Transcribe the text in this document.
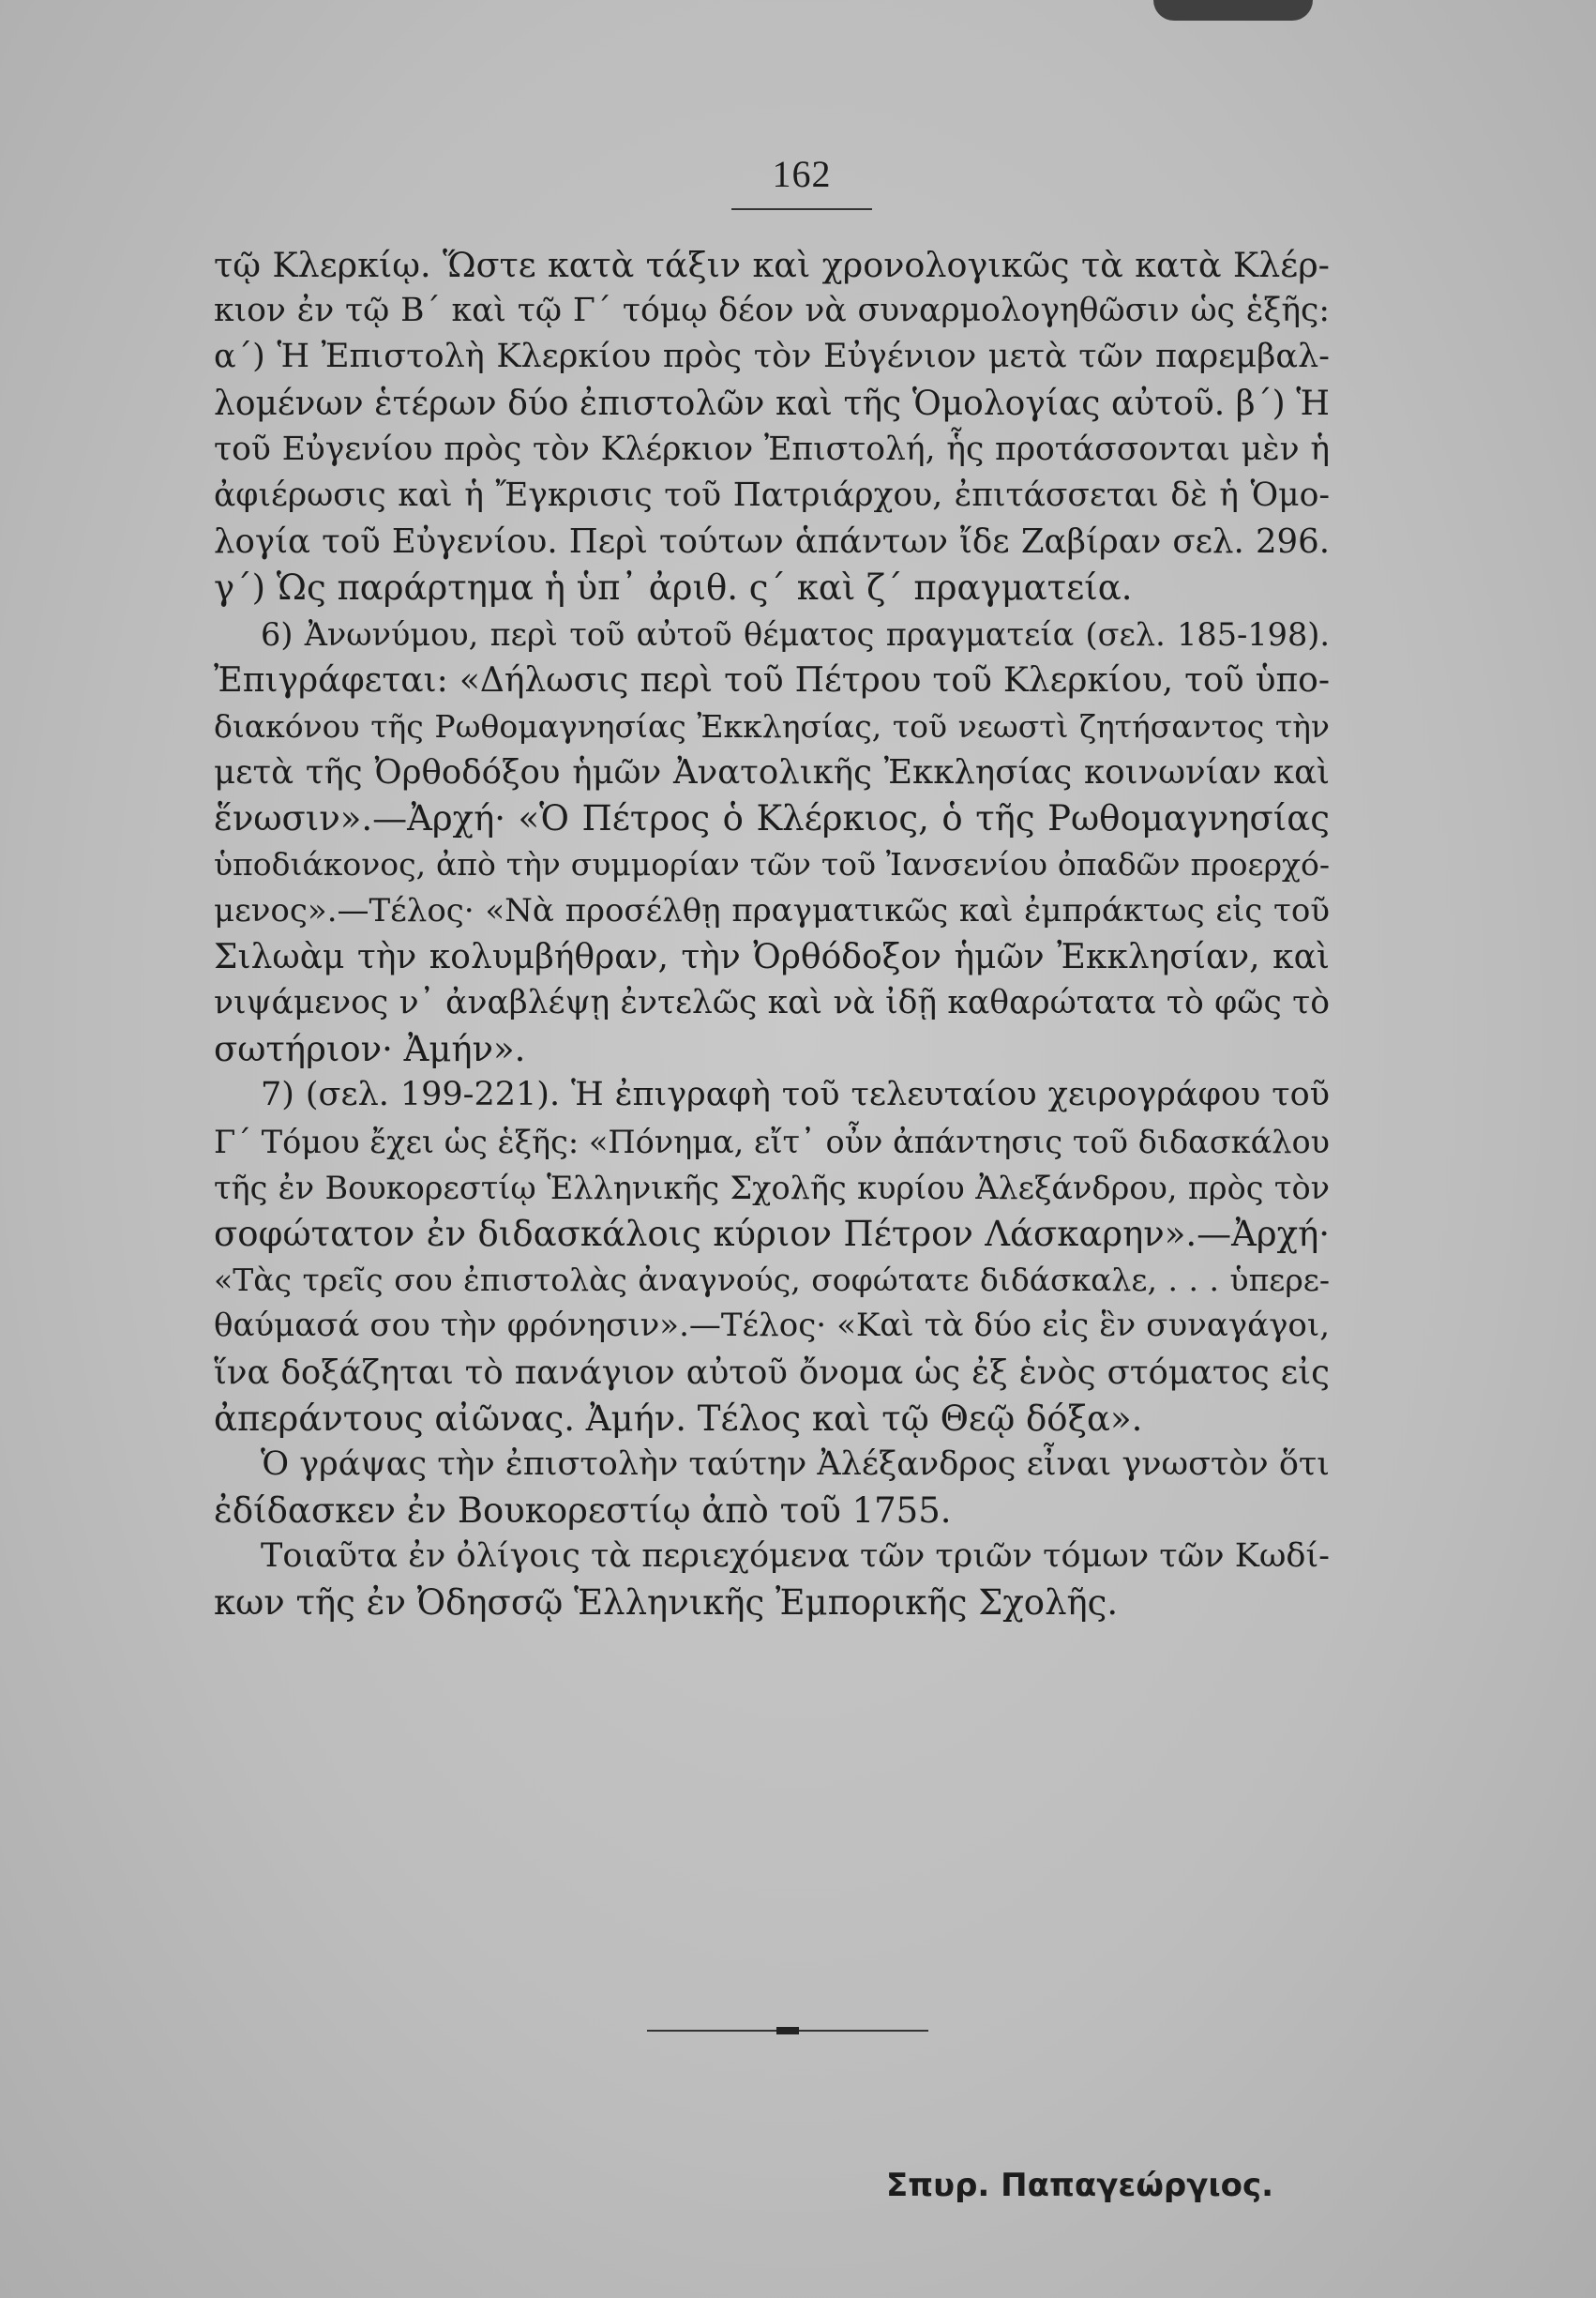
162
τῷ Κλερκίῳ. Ὥστε κατὰ τάξιν καὶ χρονολογικῶς τὰ κατὰ Κλέρ-
κιον ἐν τῷ Β΄ καὶ τῷ Γ΄ τόμῳ δέον νὰ συναρμολογηθῶσιν ὡς ἑξῆς:
α΄) Ἡ Ἐπιστολὴ Κλερκίου πρὸς τὸν Εὐγένιον μετὰ τῶν παρεμβαλ-
λομένων ἑτέρων δύο ἐπιστολῶν καὶ τῆς Ὁμολογίας αὐτοῦ. β΄) Ἡ
τοῦ Εὐγενίου πρὸς τὸν Κλέρκιον Ἐπιστολή, ἧς προτάσσονται μὲν ἡ
ἀφιέρωσις καὶ ἡ Ἔγκρισις τοῦ Πατριάρχου, ἐπιτάσσεται δὲ ἡ Ὁμο-
λογία τοῦ Εὐγενίου. Περὶ τούτων ἁπάντων ἴδε Ζαβίραν σελ. 296.
γ΄) Ὡς παράρτημα ἡ ὑπ᾽ ἀριθ. ς΄ καὶ ζ΄ πραγματεία.
6) Ἀνωνύμου, περὶ τοῦ αὐτοῦ θέματος πραγματεία (σελ. 185-198).
Ἐπιγράφεται: «Δήλωσις περὶ τοῦ Πέτρου τοῦ Κλερκίου, τοῦ ὑπο-
διακόνου τῆς Ρωθομαγνησίας Ἐκκλησίας, τοῦ νεωστὶ ζητήσαντος τὴν
μετὰ τῆς Ὀρθοδόξου ἡμῶν Ἀνατολικῆς Ἐκκλησίας κοινωνίαν καὶ
ἕνωσιν».—Ἀρχή· «Ὁ Πέτρος ὁ Κλέρκιος, ὁ τῆς Ρωθομαγνησίας
ὑποδιάκονος, ἀπὸ τὴν συμμορίαν τῶν τοῦ Ἰανσενίου ὀπαδῶν προερχό-
μενος».—Τέλος· «Νὰ προσέλθῃ πραγματικῶς καὶ ἐμπράκτως εἰς τοῦ
Σιλωὰμ τὴν κολυμβήθραν, τὴν Ὀρθόδοξον ἡμῶν Ἐκκλησίαν, καὶ
νιψάμενος ν᾽ ἀναβλέψῃ ἐντελῶς καὶ νὰ ἰδῇ καθαρώτατα τὸ φῶς τὸ
σωτήριον· Ἀμήν».
7) (σελ. 199-221). Ἡ ἐπιγραφὴ τοῦ τελευταίου χειρογράφου τοῦ
Γ΄ Τόμου ἔχει ὡς ἑξῆς: «Πόνημα, εἴτ᾽ οὖν ἀπάντησις τοῦ διδασκάλου
τῆς ἐν Βουκορεστίῳ Ἑλληνικῆς Σχολῆς κυρίου Ἀλεξάνδρου, πρὸς τὸν
σοφώτατον ἐν διδασκάλοις κύριον Πέτρον Λάσκαρην».—Ἀρχή·
«Τὰς τρεῖς σου ἐπιστολὰς ἀναγνούς, σοφώτατε διδάσκαλε, . . . ὑπερε-
θαύμασά σου τὴν φρόνησιν».—Τέλος· «Καὶ τὰ δύο εἰς ἓν συναγάγοι,
ἵνα δοξάζηται τὸ πανάγιον αὐτοῦ ὄνομα ὡς ἐξ ἑνὸς στόματος εἰς
ἀπεράντους αἰῶνας. Ἀμήν. Τέλος καὶ τῷ Θεῷ δόξα».
Ὁ γράψας τὴν ἐπιστολὴν ταύτην Ἀλέξανδρος εἶναι γνωστὸν ὅτι
ἐδίδασκεν ἐν Βουκορεστίῳ ἀπὸ τοῦ 1755.
Τοιαῦτα ἐν ὀλίγοις τὰ περιεχόμενα τῶν τριῶν τόμων τῶν Κωδί-
κων τῆς ἐν Ὀδησσῷ Ἑλληνικῆς Ἐμπορικῆς Σχολῆς.
Σπυρ. Παπαγεώργιος.
